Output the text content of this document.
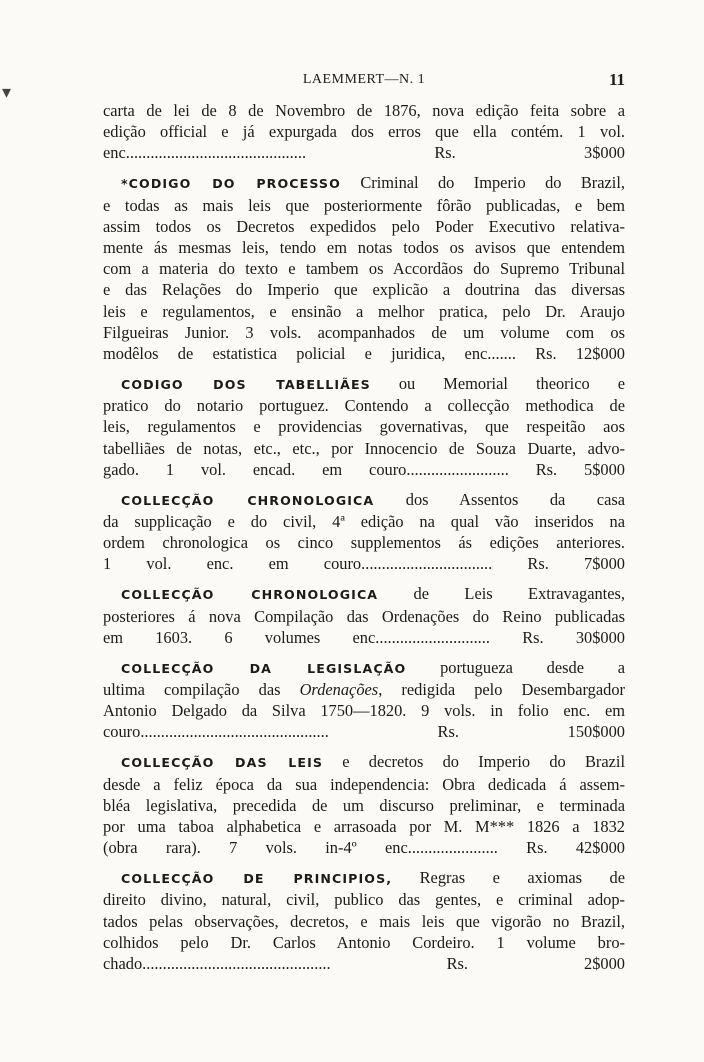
LAEMMERT—N. 1	11
carta de lei de 8 de Novembro de 1876, nova edição feita sobre a
edição official e já expurgada dos erros que ella contém. 1 vol.
enc............................................ Rs. 3$000
*CODIGO DO PROCESSO Criminal do Imperio do Brazil,
e todas as mais leis que posteriormente fôrão publicadas, e bem
assim todos os Decretos expedidos pelo Poder Executivo relativa-
mente ás mesmas leis, tendo em notas todos os avisos que entendem
com a materia do texto e tambem os Accordãos do Supremo Tribunal
e das Relações do Imperio que explicão a doutrina das diversas
leis e regulamentos, e ensinão a melhor pratica, pelo Dr. Araujo
Filgueiras Junior. 3 vols. acompanhados de um volume com os
modêlos de estatistica policial e juridica, enc....... Rs. 12$000
CODIGO DOS TABELLIÃES ou Memorial theorico e
pratico do notario portuguez. Contendo a collecção methodica de
leis, regulamentos e providencias governativas, que respeitão aos
tabelliães de notas, etc., etc., por Innocencio de Souza Duarte, advo-
gado. 1 vol. encad. em couro......................... Rs. 5$000
COLLECÇÃO CHRONOLOGICA dos Assentos da casa
da supplicação e do civil, 4ª edição na qual vão inseridos na
ordem chronologica os cinco supplementos ás edições anteriores.
1 vol. enc. em couro................................ Rs. 7$000
COLLECÇÃO CHRONOLOGICA de Leis Extravagantes,
posteriores á nova Compilação das Ordenações do Reino publicadas
em 1603. 6 volumes enc............................ Rs. 30$000
COLLECÇÃO DA LEGISLAÇÃO portugueza desde a
ultima compilação das Ordenações, redigida pelo Desembargador
Antonio Delgado da Silva 1750—1820. 9 vols. in folio enc. em
couro.............................................. Rs. 150$000
COLLECÇÃO DAS LEIS e decretos do Imperio do Brazil
desde a feliz época da sua independencia: Obra dedicada á assem-
bléa legislativa, precedida de um discurso preliminar, e terminada
por uma taboa alphabetica e arrasoada por M. M*** 1826 a 1832
(obra rara). 7 vols. in-4º enc...................... Rs. 42$000
COLLECÇÃO DE PRINCIPIOS, Regras e axiomas de
direito divino, natural, civil, publico das gentes, e criminal adop-
tados pelas observações, decretos, e mais leis que vigorão no Brazil,
colhidos pelo Dr. Carlos Antonio Cordeiro. 1 volume bro-
chado.............................................. Rs. 2$000
▾
